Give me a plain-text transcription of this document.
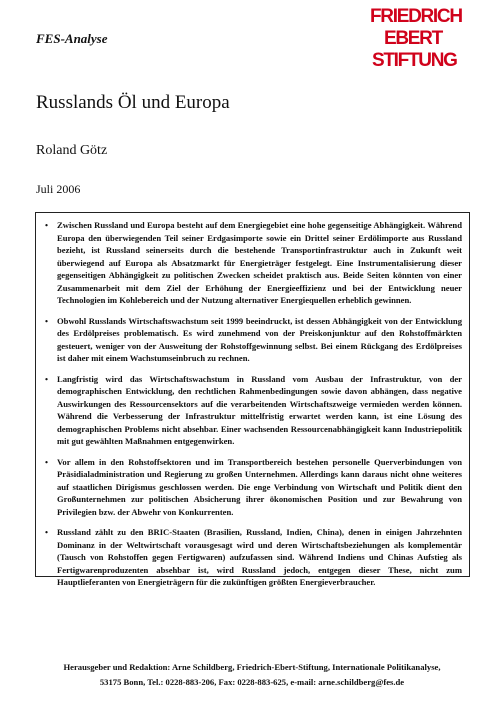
FES-Analyse
FRIEDRICH
EBERT
STIFTUNG
Russlands Öl und Europa
Roland Götz
Juli 2006
• Zwischen Russland und Europa besteht auf dem Energiegebiet eine hohe gegenseitige Abhängigkeit. Während Europa den überwiegenden Teil seiner Erdgasimporte sowie ein Drittel seiner Erdölimporte aus Russland bezieht, ist Russland seinerseits durch die bestehende Transportinfrastruktur auch in Zukunft weit überwiegend auf Europa als Absatzmarkt für Energieträger festgelegt. Eine Instrumentalisierung dieser gegenseitigen Abhängigkeit zu politischen Zwecken scheidet praktisch aus. Beide Seiten könnten von einer Zusammenarbeit mit dem Ziel der Erhöhung der Energieeffizienz und bei der Entwicklung neuer Technologien im Kohlebereich und der Nutzung alternativer Energiequellen erheblich gewinnen.
• Obwohl Russlands Wirtschaftswachstum seit 1999 beeindruckt, ist dessen Abhängigkeit von der Entwicklung des Erdölpreises problematisch. Es wird zunehmend von der Preiskonjunktur auf den Rohstoffmärkten gesteuert, weniger von der Ausweitung der Rohstoffgewinnung selbst. Bei einem Rückgang des Erdölpreises ist daher mit einem Wachstumseinbruch zu rechnen.
• Langfristig wird das Wirtschaftswachstum in Russland vom Ausbau der Infrastruktur, von der demographischen Entwicklung, den rechtlichen Rahmenbedingungen sowie davon abhängen, dass negative Auswirkungen des Ressourcensektors auf die verarbeitenden Wirtschaftszweige vermieden werden können. Während die Verbesserung der Infrastruktur mittelfristig erwartet werden kann, ist eine Lösung des demographischen Problems nicht absehbar. Einer wachsenden Ressourcenabhängigkeit kann Industriepolitik mit gut gewählten Maßnahmen entgegenwirken.
• Vor allem in den Rohstoffsektoren und im Transportbereich bestehen personelle Querverbindungen von Präsidialadministration und Regierung zu großen Unternehmen. Allerdings kann daraus nicht ohne weiteres auf staatlichen Dirigismus geschlossen werden. Die enge Verbindung von Wirtschaft und Politik dient den Großunternehmen zur politischen Absicherung ihrer ökonomischen Position und zur Bewahrung von Privilegien bzw. der Abwehr von Konkurrenten.
• Russland zählt zu den BRIC-Staaten (Brasilien, Russland, Indien, China), denen in einigen Jahrzehnten Dominanz in der Weltwirtschaft vorausgesagt wird und deren Wirtschaftsbeziehungen als komplementär (Tausch von Rohstoffen gegen Fertigwaren) aufzufassen sind. Während Indiens und Chinas Aufstieg als Fertigwarenproduzenten absehbar ist, wird Russland jedoch, entgegen dieser These, nicht zum Hauptlieferanten von Energieträgern für die zukünftigen größten Energieverbraucher.
Herausgeber und Redaktion: Arne Schildberg, Friedrich-Ebert-Stiftung, Internationale Politikanalyse,
53175 Bonn, Tel.: 0228-883-206, Fax: 0228-883-625, e-mail: arne.schildberg@fes.de
